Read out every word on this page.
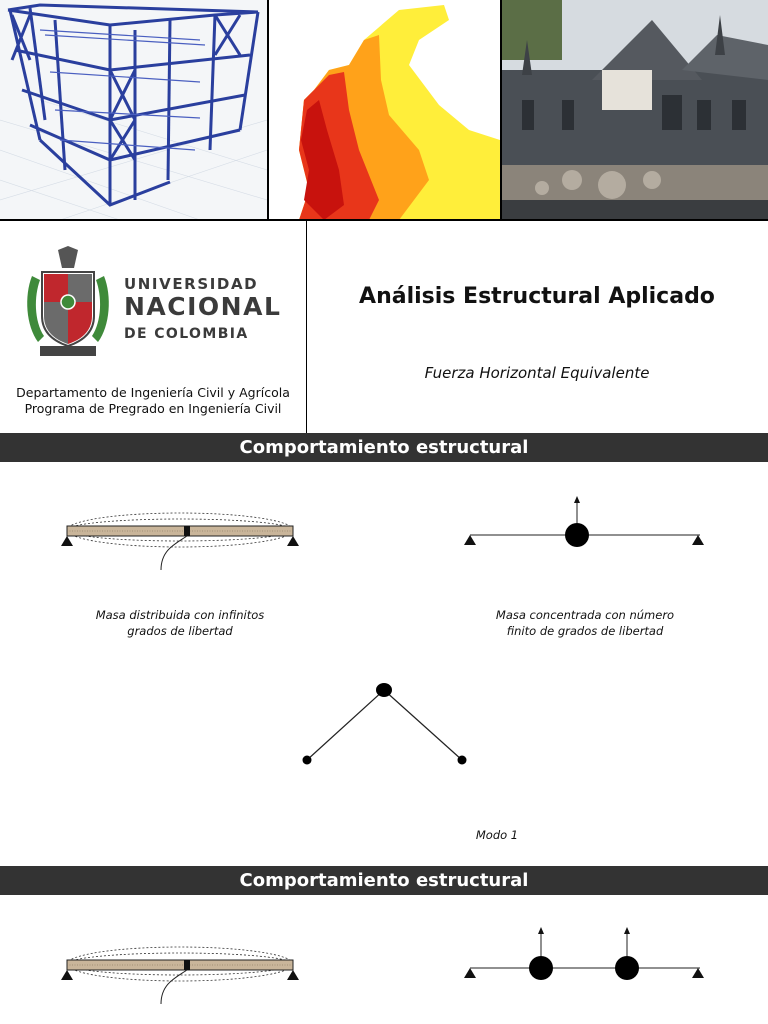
UNIVERSIDAD
NACIONAL
DE COLOMBIA
Departamento de Ingeniería Civil y Agrícola
Programa de Pregrado en Ingeniería Civil
Análisis Estructural Aplicado
Fuerza Horizontal Equivalente
Comportamiento estructural
Masa distribuida con infinitos
grados de libertad
Masa concentrada con número
finito de grados de libertad
Modo 1
Comportamiento estructural
